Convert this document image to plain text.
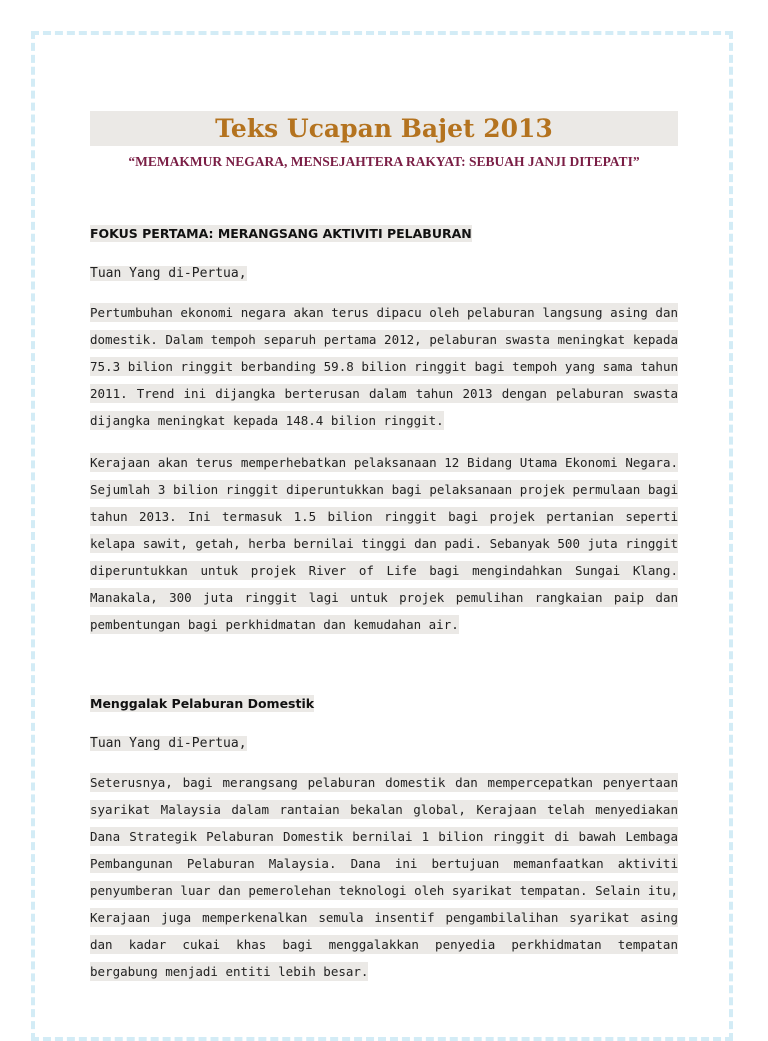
Teks Ucapan Bajet 2013
“MEMAKMUR NEGARA, MENSEJAHTERA RAKYAT: SEBUAH JANJI DITEPATI”
FOKUS PERTAMA: MERANGSANG AKTIVITI PELABURAN
Tuan Yang di-Pertua,
Pertumbuhan ekonomi negara akan terus dipacu oleh pelaburan langsung asing dan domestik. Dalam tempoh separuh pertama 2012, pelaburan swasta meningkat kepada 75.3 bilion ringgit berbanding 59.8 bilion ringgit bagi tempoh yang sama tahun 2011. Trend ini dijangka berterusan dalam tahun 2013 dengan pelaburan swasta dijangka meningkat kepada 148.4 bilion ringgit.
Kerajaan akan terus memperhebatkan pelaksanaan 12 Bidang Utama Ekonomi Negara. Sejumlah 3 bilion ringgit diperuntukkan bagi pelaksanaan projek permulaan bagi tahun 2013. Ini termasuk 1.5 bilion ringgit bagi projek pertanian seperti kelapa sawit, getah, herba bernilai tinggi dan padi. Sebanyak 500 juta ringgit diperuntukkan untuk projek River of Life bagi mengindahkan Sungai Klang. Manakala, 300 juta ringgit lagi untuk projek pemulihan rangkaian paip dan pembentungan bagi perkhidmatan dan kemudahan air.
Menggalak Pelaburan Domestik
Tuan Yang di-Pertua,
Seterusnya, bagi merangsang pelaburan domestik dan mempercepatkan penyertaan syarikat Malaysia dalam rantaian bekalan global, Kerajaan telah menyediakan Dana Strategik Pelaburan Domestik bernilai 1 bilion ringgit di bawah Lembaga Pembangunan Pelaburan Malaysia. Dana ini bertujuan memanfaatkan aktiviti penyumberan luar dan pemerolehan teknologi oleh syarikat tempatan. Selain itu, Kerajaan juga memperkenalkan semula insentif pengambilalihan syarikat asing dan kadar cukai khas bagi menggalakkan penyedia perkhidmatan tempatan bergabung menjadi entiti lebih besar.
